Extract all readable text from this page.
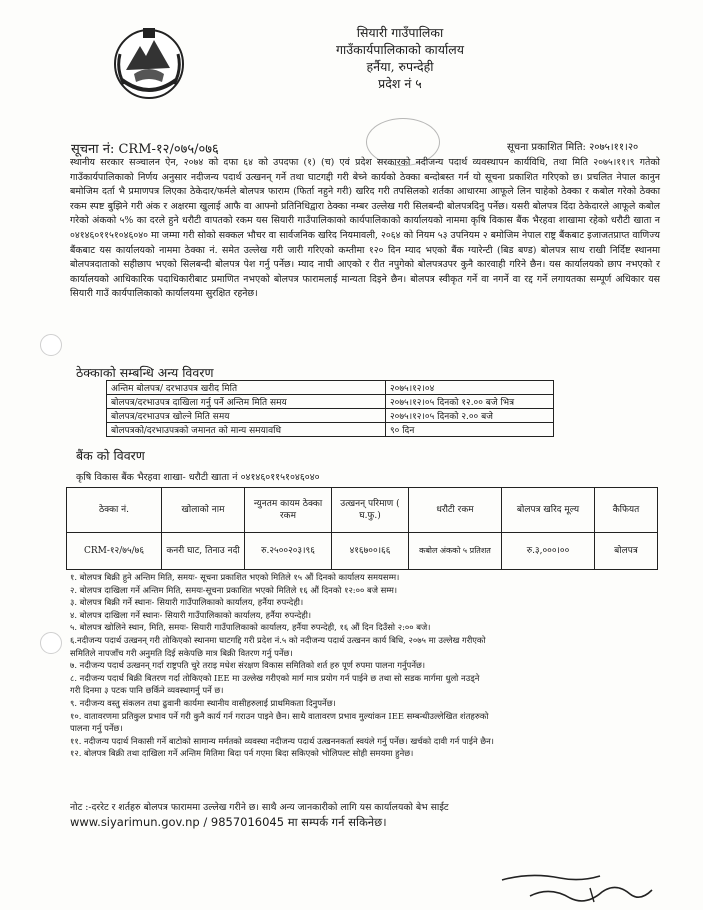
सियारी गाउँपालिका
गाउँकार्यपालिकाको कार्यालय
हर्नैया, रुपन्देही
प्रदेश नं ५
सूचना नं: CRM-१२/०७५/०७६	सूचना प्रकाशित मिति: २०७५।११।२०
स्थानीय सरकार सञ्चालन ऐन, २०७४ को दफा ६४ को उपदफा (१) (च) एवं प्रदेश सरकारको नदीजन्य पदार्थ व्यवस्थापन कार्यविधि, तथा मिति २०७५।११।९ गतेको गाउँकार्यपालिकाको निर्णय अनुसार नदीजन्य पदार्थ उत्खनन् गर्ने तथा घाटगद्दी गरी बेच्ने कार्यको ठेक्का बन्दोबस्त गर्न यो सूचना प्रकाशित गरिएको छ। प्रचलित नेपाल कानुन बमोजिम दर्ता भै प्रमाणपत्र लिएका ठेकेदार/फर्मले बोलपत्र फाराम (फिर्ता नहुने गरी) खरिद गरी तपसिलको शर्तका आधारमा आफूले लिन चाहेको ठेक्का र कबोल गरेको ठेक्का रकम स्पष्ट बुझिने गरी अंक र अक्षरमा खुलाई आफै वा आफ्नो प्रतिनिधिद्वारा ठेक्का नम्बर उल्लेख गरी सिलबन्दी बोलपत्रदिनु पर्नेछ। यसरी बोलपत्र दिंदा ठेकेदारले आफूले कबोल गरेको अंकको ५% का दरले हुने धरौटी वापतको रकम यस सियारी गाउँपालिकाको कार्यपालिकाको कार्यालयको नाममा कृषि विकास बैंक भैरहवा शाखामा रहेको धरौटी खाता न ०४१४६०११५१०४६०४० मा जम्मा गरी सोको सक्कल भौचर वा सार्वजनिक खरिद नियमावली, २०६४ को नियम ५३ उपनियम २ बमोजिम नेपाल राष्ट्र बैंकबाट इजाजतप्राप्त वाणिज्य बैंकबाट यस कार्यालयको नाममा ठेक्का नं. समेत उल्लेख गरी जारी गरिएको कम्तीमा १२० दिन म्याद भएको बैंक ग्यारेन्टी (बिड बण्ड) बोलपत्र साथ राखी निर्दिष्ट स्थानमा बोलपत्रदाताको सहीछाप भएको सिलबन्दी बोलपत्र पेश गर्नु पर्नेछ। म्याद नाघी आएको र रीत नपुगेको बोलपत्रउपर कुनै कारवाही गरिने छैन। यस कार्यालयको छाप नभएको र कार्यालयको आधिकारिक पदाधिकारीबाट प्रमाणित नभएको बोलपत्र फारामलाई मान्यता दिइने छैन। बोलपत्र स्वीकृत गर्ने वा नगर्ने वा रद्द गर्ने लगायतका सम्पूर्ण अधिकार यस सियारी गाउँ कार्यपालिकाको कार्यालयमा सुरक्षित रहनेछ।
ठेक्काको सम्बन्धि अन्य विवरण
अन्तिम बोलपत्र/ दरभाउपत्र खरीद मिति	२०७५।१२।०४
बोलपत्र/दरभाउपत्र दाखिला गर्नु पर्ने अन्तिम मिति समय	२०७५।१२।०५ दिनको १२.०० बजे भित्र
बोलपत्र/दरभाउपत्र खोल्ने मिति समय	२०७५।१२।०५ दिनको २.०० बजे
बोलपत्रको/दरभाउपत्रको जमानत को मान्य समयावधि	९० दिन
बैंक को विवरण
कृषि विकास बैंक भैरहवा शाखा- धरौटी खाता नं ०४१४६०११५१०४६०४०
ठेक्का नं.	खोलाको नाम	न्युनतम कायम ठेक्का रकम	उत्खनन् परिमाण ( घ.फु.)	धरौटी रकम	बोलपत्र खरिद मूल्य	कैफियत
CRM-१२/७५/७६	कनरी घाट, तिनाउ नदी	रु.२५००२०३।९६	४१६७००।६६	कबोल अंकको ५ प्रतिशत	रु.३,०००।००	बोलपत्र
१. बोलपत्र बिक्री हुने अन्तिम मिति, समयः- सूचना प्रकाशित भएको मितिले १५ औं दिनको कार्यालय समयसम्म।
२. बोलपत्र दाखिला गर्ने अन्तिम मिति, समयः-सूचना प्रकाशित भएको मितिले १६ औं दिनको १२:०० बजे सम्म।
३. बोलपत्र बिक्री गर्ने स्थानः- सियारी गाउँपालिकाको कार्यालय, हर्नैया रुपन्देही।
४. बोलपत्र दाखिला गर्ने स्थानः- सियारी गाउँपालिकाको कार्यालय, हर्नैया रुपन्देही।
५. बोलपत्र खोलिने स्थान, मिति, समयः- सियारी गाउँपालिकाको कार्यालय, हर्नैया रुपन्देही, १६ औं दिन दिउँसो २:०० बजे।
६.नदीजन्य पदार्थ उत्खनन् गरी तोकिएको स्थानमा घाटगद्दि गरी प्रदेश नं.५ को नदीजन्य पदार्थ उत्खनन कार्य बिधि, २०७५ मा उल्लेख गरीएको
समितिले नापजाँच गरी अनुमति दिई सकेपछि मात्र बिक्री वितरण गर्नु पर्नेछ।
७. नदीजन्य पदार्थ उत्खनन् गर्दा राष्ट्रपति चुरे तराइ मधेश संरक्षण विकास समितिको शर्त हरु पूर्ण रुपमा पालना गर्नुपर्नेछ।
८. नदीजन्य पदार्थ बिक्री बितरण गर्दा तोकिएको IEE मा उल्लेख गरीएको मार्ग मात्र प्रयोग गर्न पाईने छ तथा सो सडक मार्गमा धुलो नउड्ने
गरी दिनमा ३ पटक पानि छर्किने व्यवस्थागर्नु पर्ने छ।
९. नदीजन्य वस्तु संकलन तथा ढुवानी कार्यमा स्थानीय वासीहरुलाई प्राथमिकता दिनुपर्नेछ।
१०. वातावरणमा प्रतिकुल प्रभाव पर्ने गरी कुनै कार्य गर्न गराउन पाइने छैन। साथै वातावरण प्रभाव मुल्यांकन IEE सम्बन्धीउल्लेखित शंतहरुको
पालना गर्नु पर्नेछ।
११. नदीजन्य पदार्थ निकासी गर्ने बाटोको सामान्य मर्मतको व्यवस्था नदीजन्य पदार्थ उत्खननकर्ता स्वयंले गर्नु पर्नेछ। खर्चको दावी गर्न पाईने छैन।
१२. बोलपत्र बिक्री तथा दाखिला गर्ने अन्तिम मितिमा बिदा पर्न गएमा बिदा सकिएको भोलिपल्ट सोही समयमा हुनेछ।
नोट :-दररेट र शर्तहरु बोलपत्र फाराममा उल्लेख गरीने छ। साथै अन्य जानकारीको लागि यस कार्यालयको बेभ साईट
www.siyarimun.gov.np / 9857016045 मा सम्पर्क गर्न सकिनेछ।
